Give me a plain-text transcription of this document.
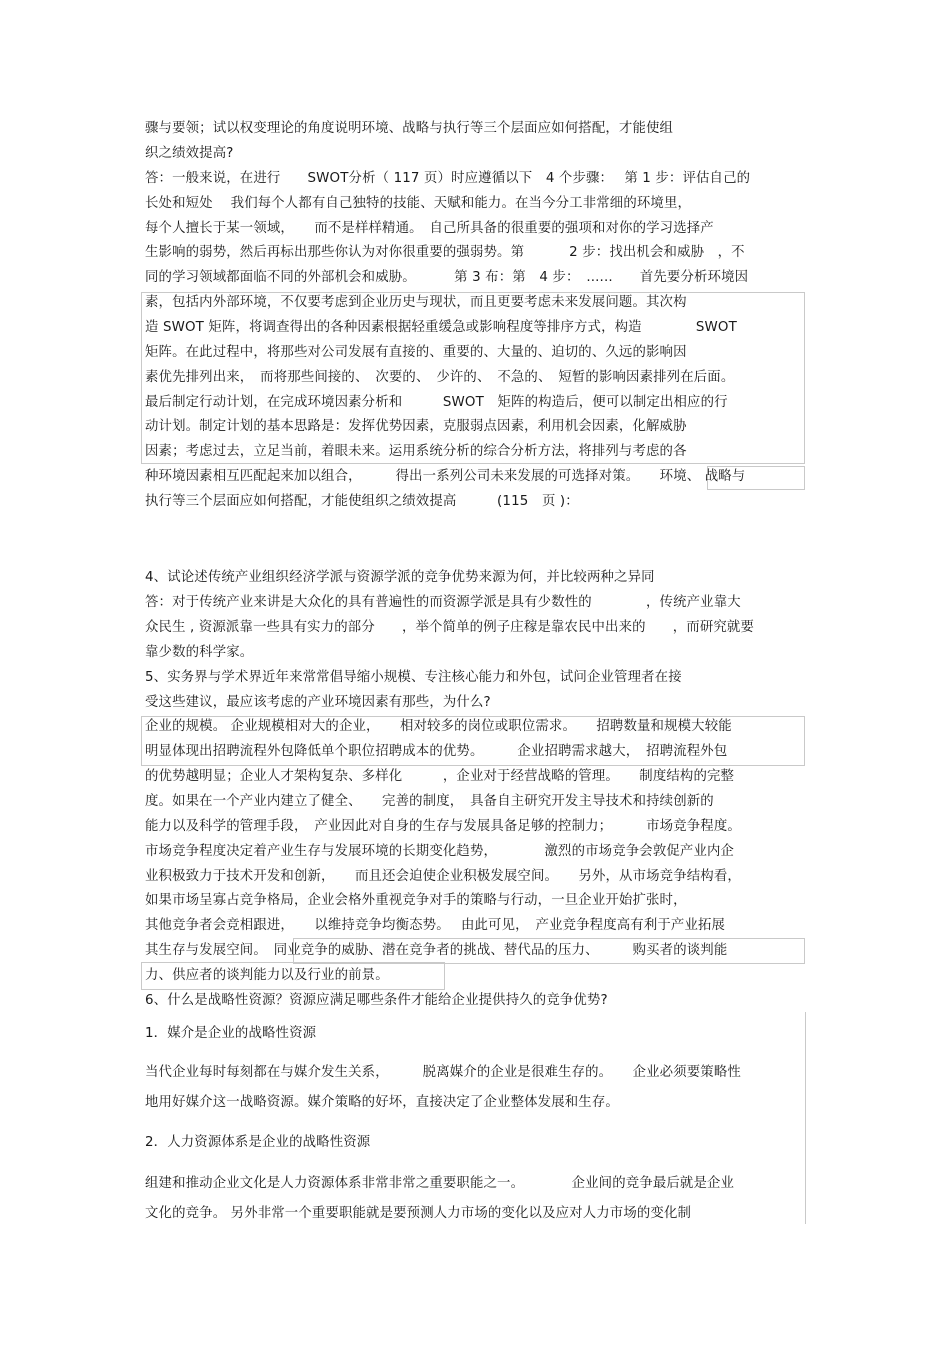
骤与要领；试以权变理论的角度说明环境、战略与执行等三个层面应如何搭配，才能使组
织之绩效提高?
答：一般来说，在进行　　SWOT分析（ 117 页）时应遵循以下　4 个步骤：　 第 1 步：评估自己的
长处和短处　 我们每个人都有自己独特的技能、天赋和能力。在当今分工非常细的环境里，
每个人擅长于某一领域，　　而不是样样精通。　自己所具备的很重要的强项和对你的学习选择产
生影响的弱势，然后再标出那些你认为对你很重要的强弱势。第　　　 2 步：找出机会和威胁　，不
同的学习领域都面临不同的外部机会和威胁。　　　 第 3 布：第　4 步：　......　　首先要分析环境因
素，包括内外部环境，不仅要考虑到企业历史与现状，而且更要考虑未来发展问题。其次构
造 SWOT 矩阵，将调查得出的各种因素根据轻重缓急或影响程度等排序方式，构造　　　　SWOT
矩阵。在此过程中，将那些对公司发展有直接的、重要的、大量的、迫切的、久远的影响因
素优先排列出来，　而将那些间接的、　次要的、　少许的、　不急的、　短暂的影响因素排列在后面。
最后制定行动计划，在完成环境因素分析和　　　SWOT　矩阵的构造后，便可以制定出相应的行
动计划。制定计划的基本思路是：发挥优势因素，克服弱点因素，利用机会因素，化解威胁
因素；考虑过去，立足当前，着眼未来。运用系统分析的综合分析方法，将排列与考虑的各
种环境因素相互匹配起来加以组合，　　　得出一系列公司未来发展的可选择对策。　　环境、 战略与
执行等三个层面应如何搭配，才能使组织之绩效提高　　　(115　页 )：
4、试论述传统产业组织经济学派与资源学派的竞争优势来源为何，并比较两种之异同
答：对于传统产业来讲是大众化的具有普遍性的而资源学派是具有少数性的　　　　，传统产业靠大
众民生 , 资源派靠一些具有实力的部分　　，举个简单的例子庄稼是靠农民中出来的　　，而研究就要
靠少数的科学家。
5、实务界与学术界近年来常常倡导缩小规模、专注核心能力和外包，试问企业管理者在接
受这些建议，最应该考虑的产业环境因素有那些，为什么?
企业的规模。 企业规模相对大的企业，　　相对较多的岗位或职位需求。　　招聘数量和规模大较能
明显体现出招聘流程外包降低单个职位招聘成本的优势。　　　企业招聘需求越大，　招聘流程外包
的优势越明显；企业人才架构复杂、多样化　　　，企业对于经营战略的管理。　　制度结构的完整
度。如果在一个产业内建立了健全、　　完善的制度，　具备自主研究开发主导技术和持续创新的
能力以及科学的管理手段，　产业因此对自身的生存与发展具备足够的控制力；　　　市场竞争程度。
市场竞争程度决定着产业生存与发展环境的长期变化趋势，　　　　激烈的市场竞争会敦促产业内企
业积极致力于技术开发和创新，　　而且还会迫使企业积极发展空间。　　另外，从市场竞争结构看，
如果市场呈寡占竞争格局，企业会格外重视竞争对手的策略与行动，一旦企业开始扩张时，
其他竞争者会竞相跟进，　　以维持竞争均衡态势。　 由此可见，　产业竞争程度高有利于产业拓展
其生存与发展空间。　同业竞争的威胁、潜在竞争者的挑战、替代品的压力、　　　购买者的谈判能
力、供应者的谈判能力以及行业的前景。
6、什么是战略性资源？资源应满足哪些条件才能给企业提供持久的竞争优势?
1．媒介是企业的战略性资源
当代企业每时每刻都在与媒介发生关系，　　　脱离媒介的企业是很难生存的。　　企业必须要策略性
地用好媒介这一战略资源。媒介策略的好坏，直接决定了企业整体发展和生存。
2．人力资源体系是企业的战略性资源
组建和推动企业文化是人力资源体系非常非常之重要职能之一。　　　　企业间的竞争最后就是企业
文化的竞争。 另外非常一个重要职能就是要预测人力市场的变化以及应对人力市场的变化制
